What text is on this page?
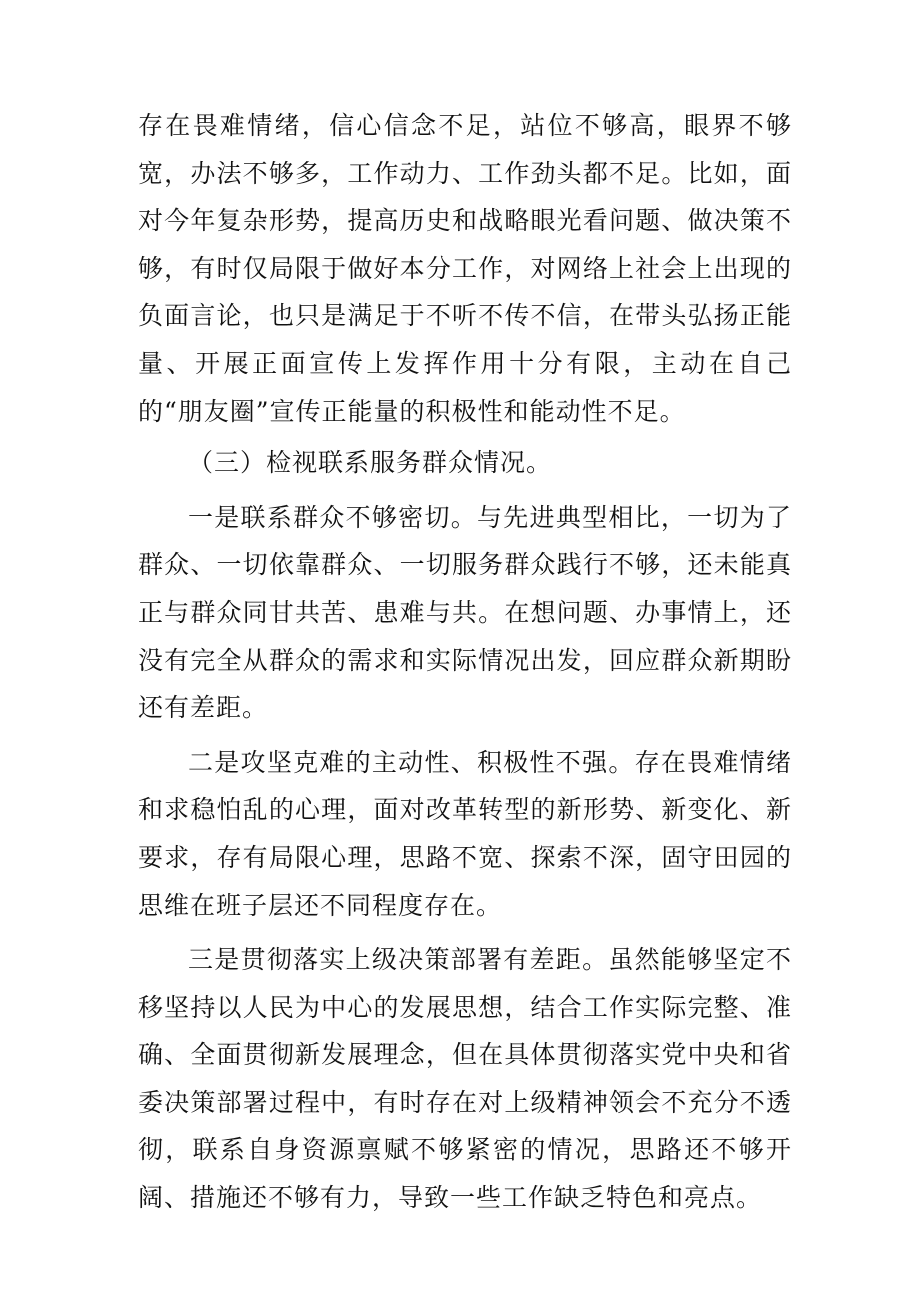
存在畏难情绪，信心信念不足，站位不够高，眼界不够宽，办法不够多，工作动力、工作劲头都不足。比如，面对今年复杂形势，提高历史和战略眼光看问题、做决策不够，有时仅局限于做好本分工作，对网络上社会上出现的负面言论，也只是满足于不听不传不信，在带头弘扬正能量、开展正面宣传上发挥作用十分有限，主动在自己的“朋友圈”宣传正能量的积极性和能动性不足。

（三）检视联系服务群众情况。

一是联系群众不够密切。与先进典型相比，一切为了群众、一切依靠群众、一切服务群众践行不够，还未能真正与群众同甘共苦、患难与共。在想问题、办事情上，还没有完全从群众的需求和实际情况出发，回应群众新期盼还有差距。

二是攻坚克难的主动性、积极性不强。存在畏难情绪和求稳怕乱的心理，面对改革转型的新形势、新变化、新要求，存有局限心理，思路不宽、探索不深，固守田园的思维在班子层还不同程度存在。

三是贯彻落实上级决策部署有差距。虽然能够坚定不移坚持以人民为中心的发展思想，结合工作实际完整、准确、全面贯彻新发展理念，但在具体贯彻落实党中央和省委决策部署过程中，有时存在对上级精神领会不充分不透彻，联系自身资源禀赋不够紧密的情况，思路还不够开阔、措施还不够有力，导致一些工作缺乏特色和亮点。
